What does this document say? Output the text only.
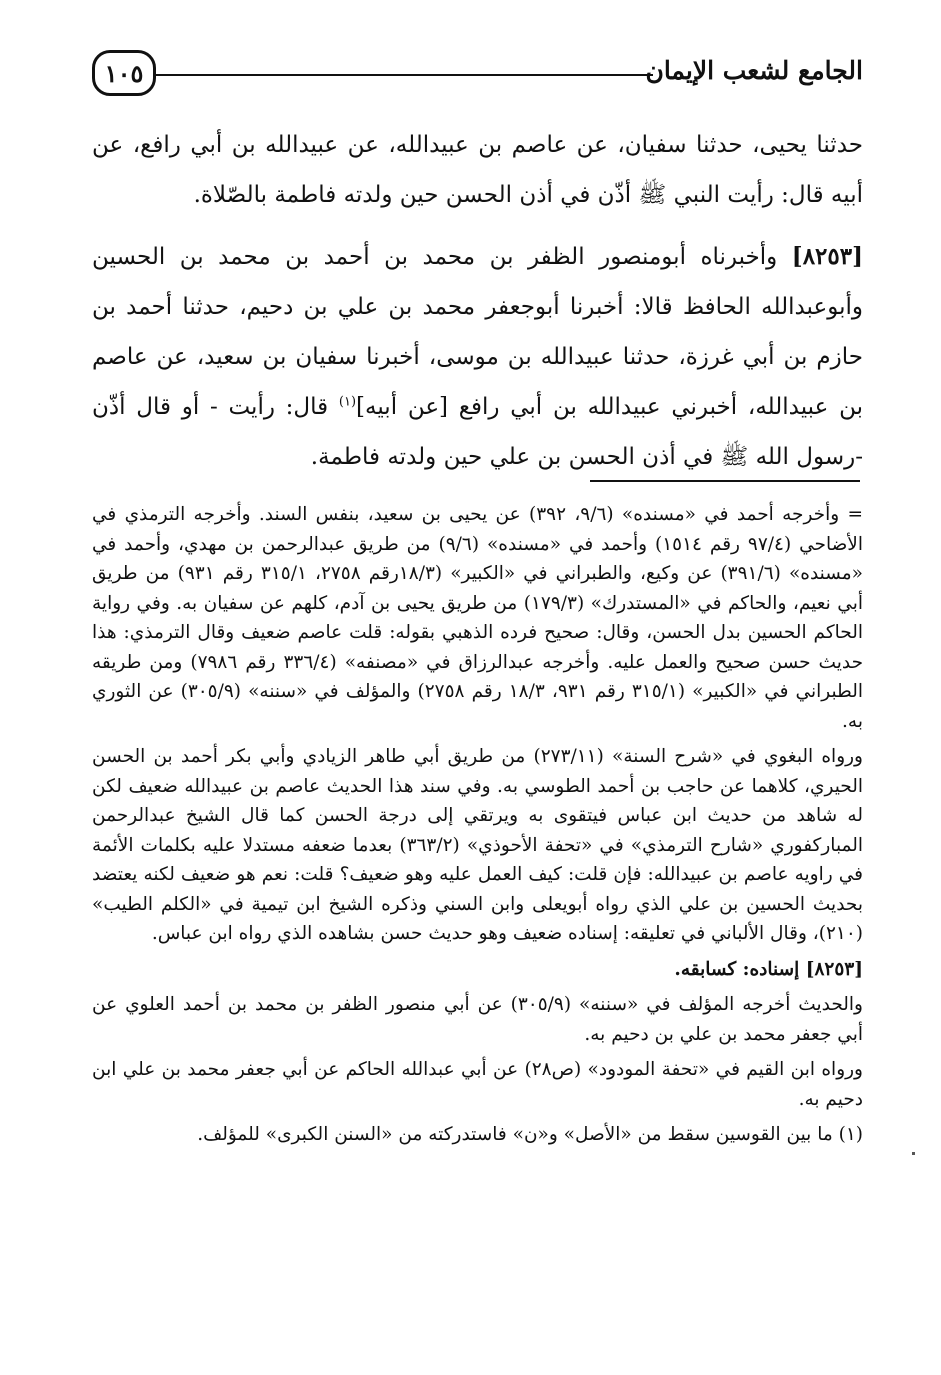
الجامع لشعب الإيمان
١٠٥

حدثنا يحيى، حدثنا سفيان، عن عاصم بن عبيدالله، عن عبيدالله بن أبي رافع، عن أبيه قال: رأيت النبي ﷺ أذّن في أذن الحسن حين ولدته فاطمة بالصّلاة.

[٨٢٥٣] وأخبرناه أبومنصور الظفر بن محمد بن أحمد بن محمد بن الحسين وأبوعبدالله الحافظ قالا: أخبرنا أبوجعفر محمد بن علي بن دحيم، حدثنا أحمد بن حازم بن أبي غرزة، حدثنا عبيدالله بن موسى، أخبرنا سفيان بن سعيد، عن عاصم بن عبيدالله، أخبرني عبيدالله بن أبي رافع [عن أبيه]$^{(١)}$ قال: رأيت - أو قال أذّن -رسول الله ﷺ في أذن الحسن بن علي حين ولدته فاطمة.

= وأخرجه أحمد في «مسنده» (٩/٦، ٣٩٢) عن يحيى بن سعيد، بنفس السند. وأخرجه الترمذي في الأضاحي (٩٧/٤ رقم ١٥١٤) وأحمد في «مسنده» (٩/٦) من طريق عبدالرحمن بن مهدي، وأحمد في «مسنده» (٣٩١/٦) عن وكيع، والطبراني في «الكبير» (١٨/٣رقم ٢٧٥٨، ٣١٥/١ رقم ٩٣١) من طريق أبي نعيم، والحاكم في «المستدرك» (١٧٩/٣) من طريق يحيى بن آدم، كلهم عن سفيان به. وفي رواية الحاكم الحسين بدل الحسن، وقال: صحيح فرده الذهبي بقوله: قلت عاصم ضعيف وقال الترمذي: هذا حديث حسن صحيح والعمل عليه. وأخرجه عبدالرزاق في «مصنفه» (٣٣٦/٤ رقم ٧٩٨٦) ومن طريقه الطبراني في «الكبير» (٣١٥/١ رقم ٩٣١، ١٨/٣ رقم ٢٧٥٨) والمؤلف في «سننه» (٣٠٥/٩) عن الثوري به.

ورواه البغوي في «شرح السنة» (٢٧٣/١١) من طريق أبي طاهر الزيادي وأبي بكر أحمد بن الحسن الحيري، كلاهما عن حاجب بن أحمد الطوسي به. وفي سند هذا الحديث عاصم بن عبيدالله ضعيف لكن له شاهد من حديث ابن عباس فيتقوى به ويرتقي إلى درجة الحسن كما قال الشيخ عبدالرحمن المباركفوري «شارح الترمذي» في «تحفة الأحوذي» (٣٦٣/٢) بعدما ضعفه مستدلا عليه بكلمات الأئمة في راويه عاصم بن عبيدالله: فإن قلت: كيف العمل عليه وهو ضعيف؟ قلت: نعم هو ضعيف لكنه يعتضد بحديث الحسين بن علي الذي رواه أبويعلى وابن السني وذكره الشيخ ابن تيمية في «الكلم الطيب» (٢١٠)، وقال الألباني في تعليقه: إسناده ضعيف وهو حديث حسن بشاهده الذي رواه ابن عباس.

[٨٢٥٣] إسناده: كسابقه.

والحديث أخرجه المؤلف في «سننه» (٣٠٥/٩) عن أبي منصور الظفر بن محمد بن أحمد العلوي عن أبي جعفر محمد بن علي بن دحيم به.

ورواه ابن القيم في «تحفة المودود» (ص٢٨) عن أبي عبدالله الحاكم عن أبي جعفر محمد بن علي ابن دحيم به.

(١) ما بين القوسين سقط من «الأصل» و«ن» فاستدركته من «السنن الكبرى» للمؤلف.
